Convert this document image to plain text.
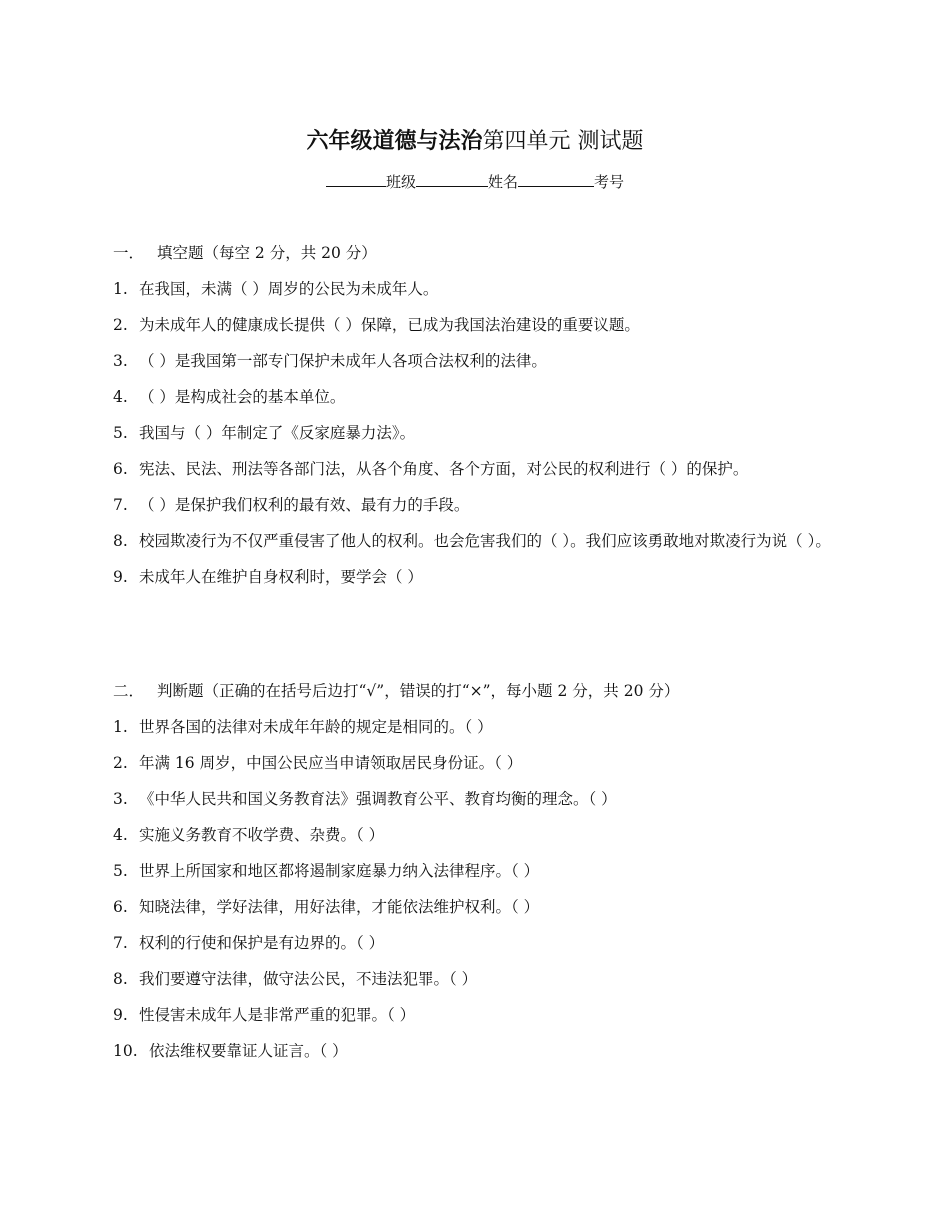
六年级道德与法治第四单元 测试题
班级	姓名	考号

一． 填空题（每空 2 分，共 20 分）

1. 在我国，未满（ ）周岁的公民为未成年人。
2. 为未成年人的健康成长提供（ ）保障，已成为我国法治建设的重要议题。
3. （ ）是我国第一部专门保护未成年人各项合法权利的法律。
4. （ ）是构成社会的基本单位。
5. 我国与（ ）年制定了《反家庭暴力法》。
6. 宪法、民法、刑法等各部门法，从各个角度、各个方面，对公民的权利进行（ ）的保护。
7. （ ）是保护我们权利的最有效、最有力的手段。
8. 校园欺凌行为不仅严重侵害了他人的权利。也会危害我们的（ ）。我们应该勇敢地对欺凌行为说（ ）。
9. 未成年人在维护自身权利时，要学会（ ）

二． 判断题（正确的在括号后边打“√”，错误的打“×”，每小题 2 分，共 20 分）

1. 世界各国的法律对未成年年龄的规定是相同的。（ ）
2. 年满 16 周岁，中国公民应当申请领取居民身份证。（ ）
3. 《中华人民共和国义务教育法》强调教育公平、教育均衡的理念。（ ）
4. 实施义务教育不收学费、杂费。（ ）
5. 世界上所国家和地区都将遏制家庭暴力纳入法律程序。（ ）
6. 知晓法律，学好法律，用好法律，才能依法维护权利。（ ）
7. 权利的行使和保护是有边界的。（ ）
8. 我们要遵守法律，做守法公民，不违法犯罪。（ ）
9. 性侵害未成年人是非常严重的犯罪。（ ）
10. 依法维权要靠证人证言。（ ）
